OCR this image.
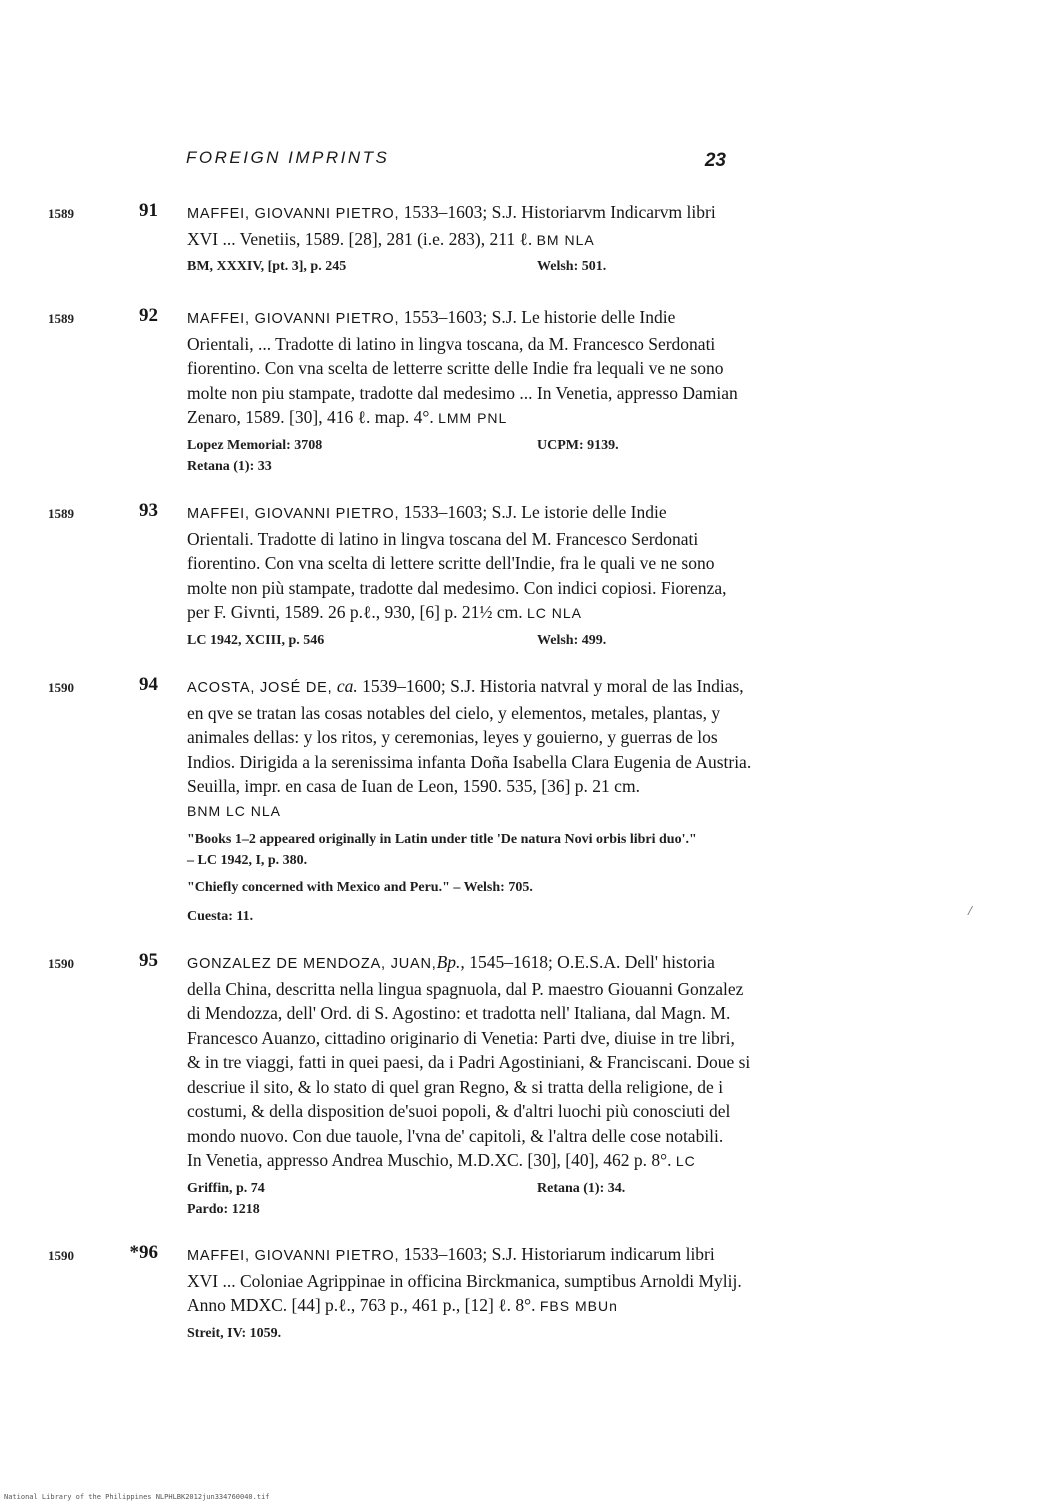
FOREIGN IMPRINTS	23
1589	91 MAFFEI, GIOVANNI PIETRO, 1533–1603; S.J. Historiarvm Indicarvm libri
XVI ... Venetiis, 1589. [28], 281 (i.e. 283), 211 ℓ. BM NLA
BM, XXXIV, [pt. 3], p. 245	Welsh: 501.
1589	92 MAFFEI, GIOVANNI PIETRO, 1553–1603; S.J. Le historie delle Indie
Orientali, ... Tradotte di latino in lingva toscana, da M. Francesco Serdonati
fiorentino. Con vna scelta de letterre scritte delle Indie fra lequali ve ne sono
molte non piu stampate, tradotte dal medesimo ... In Venetia, appresso Damian
Zenaro, 1589. [30], 416 ℓ. map. 4°. LMM PNL
Lopez Memorial: 3708	UCPM: 9139.
Retana (1): 33
1589	93 MAFFEI, GIOVANNI PIETRO, 1533–1603; S.J. Le istorie delle Indie
Orientali. Tradotte di latino in lingva toscana del M. Francesco Serdonati
fiorentino. Con vna scelta di lettere scritte dell'Indie, fra le quali ve ne sono
molte non più stampate, tradotte dal medesimo. Con indici copiosi. Fiorenza,
per F. Givnti, 1589. 26 p.ℓ., 930, [6] p. 21½ cm. LC NLA
LC 1942, XCIII, p. 546	Welsh: 499.
1590	94 ACOSTA, JOSÉ DE, ca. 1539–1600; S.J. Historia natvral y moral de las Indias,
en qve se tratan las cosas notables del cielo, y elementos, metales, plantas, y
animales dellas: y los ritos, y ceremonias, leyes y gouierno, y guerras de los
Indios. Dirigida a la serenissima infanta Doña Isabella Clara Eugenia de Austria.
Seuilla, impr. en casa de Iuan de Leon, 1590. 535, [36] p. 21 cm.
BNM LC NLA
"Books 1–2 appeared originally in Latin under title 'De natura Novi orbis libri duo'."
– LC 1942, I, p. 380.
"Chiefly concerned with Mexico and Peru." – Welsh: 705.
Cuesta: 11.
1590	95 GONZALEZ DE MENDOZA, JUAN,Bp., 1545–1618; O.E.S.A. Dell' historia
della China, descritta nella lingua spagnuola, dal P. maestro Giouanni Gonzalez
di Mendozza, dell' Ord. di S. Agostino: et tradotta nell' Italiana, dal Magn. M.
Francesco Auanzo, cittadino originario di Venetia: Parti dve, diuise in tre libri,
& in tre viaggi, fatti in quei paesi, da i Padri Agostiniani, & Franciscani. Doue si
descriue il sito, & lo stato di quel gran Regno, & si tratta della religione, de i
costumi, & della disposition de'suoi popoli, & d'altri luochi più conosciuti del
mondo nuovo. Con due tauole, l'vna de' capitoli, & l'altra delle cose notabili.
In Venetia, appresso Andrea Muschio, M.D.XC. [30], [40], 462 p. 8°. LC
Griffin, p. 74	Retana (1): 34.
Pardo: 1218
1590	*96 MAFFEI, GIOVANNI PIETRO, 1533–1603; S.J. Historiarum indicarum libri
XVI ... Coloniae Agrippinae in officina Birckmanica, sumptibus Arnoldi Mylij.
Anno MDXC. [44] p.ℓ., 763 p., 461 p., [12] ℓ. 8°. FBS MBUn
Streit, IV: 1059.
/
National Library of the Philippines NLPHLBK2012jun334760040.tif
